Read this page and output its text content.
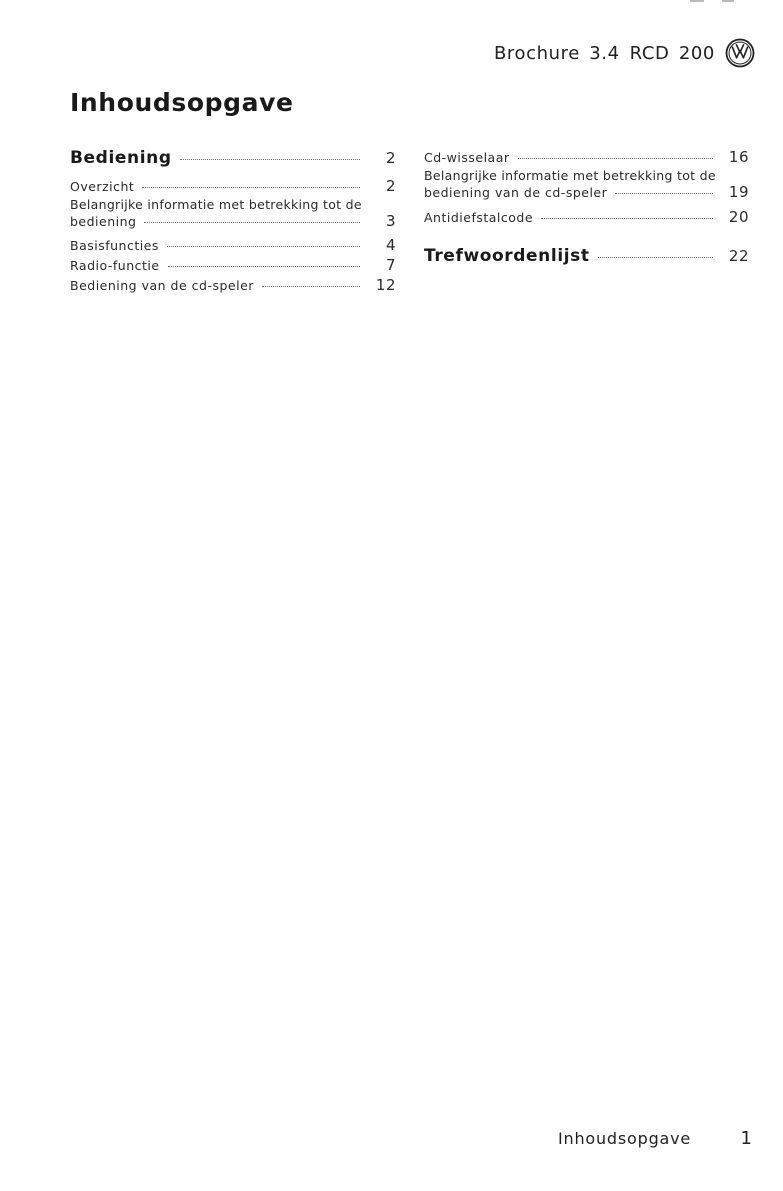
Brochure 3.4 RCD 200
Inhoudsopgave
Bediening	2
Overzicht	2
Belangrijke informatie met betrekking tot de
bediening	3
Basisfuncties	4
Radio-functie	7
Bediening van de cd-speler	12
Cd-wisselaar	16
Belangrijke informatie met betrekking tot de
bediening van de cd-speler	19
Antidiefstalcode	20
Trefwoordenlijst	22
Inhoudsopgave	1
